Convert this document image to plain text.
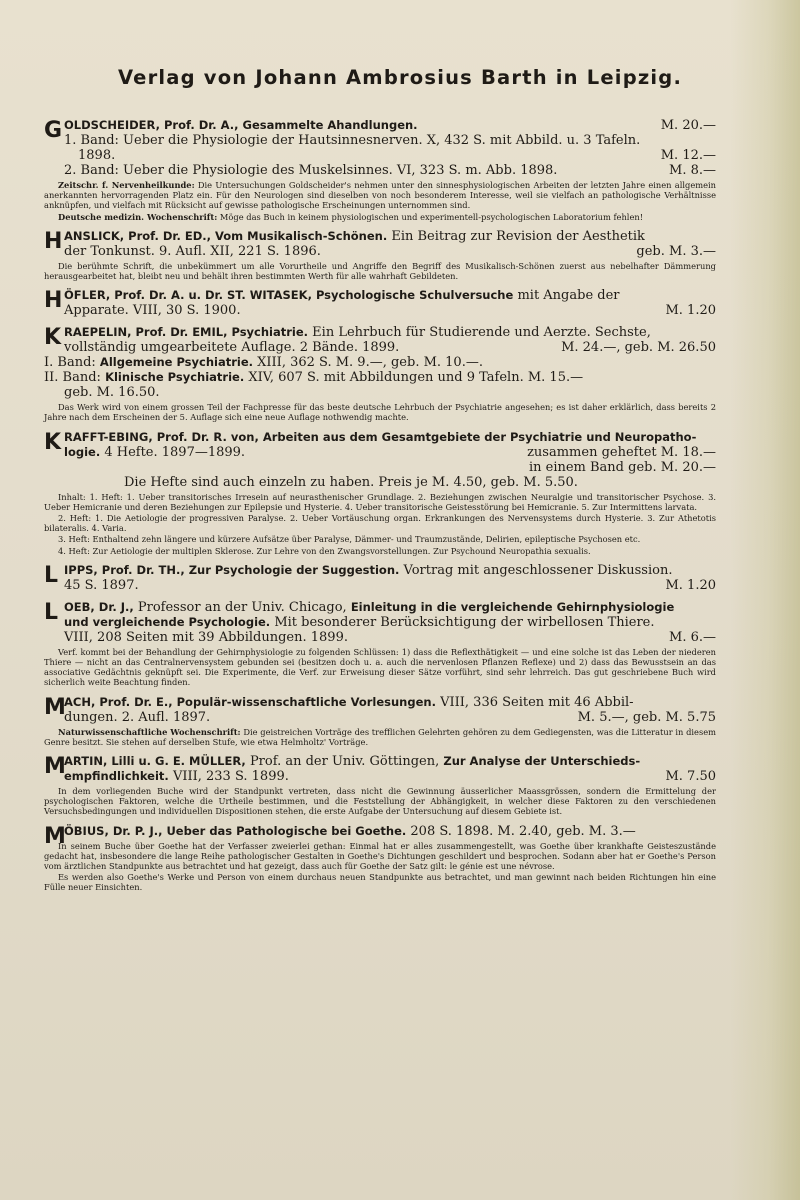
Verlag von Johann Ambrosius Barth in Leipzig.
G OLDSCHEIDER, Prof. Dr. A., Gesammelte Ahandlungen.	M. 20.—
1. Band: Ueber die Physiologie der Hautsinnesnerven. X, 432 S. mit Abbild. u. 3 Tafeln.
1898.	M. 12.—
2. Band: Ueber die Physiologie des Muskelsinnes. VI, 323 S. m. Abb. 1898.	M. 8.—

Zeitschr. f. Nervenheilkunde: Die Untersuchungen Goldscheider's nehmen unter den sinnesphysiologischen Arbeiten der letzten Jahre einen allgemein anerkannten hervorragenden Platz ein. Für den Neurologen sind dieselben von noch besonderem Interesse, weil sie vielfach an pathologische Verhältnisse anknüpfen, und vielfach mit Rücksicht auf gewisse pathologische Erscheinungen unternommen sind.

Deutsche medizin. Wochenschrift: Möge das Buch in keinem physiologischen und experimentell-psychologischen Laboratorium fehlen!

H ANSLICK, Prof. Dr. ED., Vom Musikalisch-Schönen. Ein Beitrag zur Revision der Aesthetik
der Tonkunst. 9. Aufl. XII, 221 S. 1896.	geb. M. 3.—

Die berühmte Schrift, die unbekümmert um alle Vorurtheile und Angriffe den Begriff des Musikalisch-Schönen zuerst aus nebelhafter Dämmerung herausgearbeitet hat, bleibt neu und behält ihren bestimmten Werth für alle wahrhaft Gebildeten.

H ÖFLER, Prof. Dr. A. u. Dr. ST. WITASEK, Psychologische Schulversuche mit Angabe der
Apparate. VIII, 30 S. 1900.	M. 1.20
K RAEPELIN, Prof. Dr. EMIL, Psychiatrie. Ein Lehrbuch für Studierende und Aerzte. Sechste,
vollständig umgearbeitete Auflage. 2 Bände. 1899.	M. 24.—, geb. M. 26.50
I. Band: Allgemeine Psychiatrie. XIII, 362 S. M. 9.—, geb. M. 10.—.
II. Band: Klinische Psychiatrie. XIV, 607 S. mit Abbildungen und 9 Tafeln. M. 15.—
geb. M. 16.50.

Das Werk wird von einem grossen Teil der Fachpresse für das beste deutsche Lehrbuch der Psychiatrie angesehen; es ist daher erklärlich, dass bereits 2 Jahre nach dem Erscheinen der 5. Auflage sich eine neue Auflage nothwendig machte.

K RAFFT-EBING, Prof. Dr. R. von, Arbeiten aus dem Gesamtgebiete der Psychiatrie und Neuropatho-
logie. 4 Hefte. 1897—1899.	zusammen geheftet M. 18.—
in einem Band geb. M. 20.—
Die Hefte sind auch einzeln zu haben. Preis je M. 4.50, geb. M. 5.50.

Inhalt: 1. Heft: 1. Ueber transitorisches Irresein auf neurasthenischer Grundlage. 2. Beziehungen zwischen Neuralgie und transitorischer Psychose. 3. Ueber Hemicranie und deren Beziehungen zur Epilepsie und Hysterie. 4. Ueber transitorische Geistesstörung bei Hemicranie. 5. Zur Intermittens larvata.

2. Heft: 1. Die Aetiologie der progressiven Paralyse. 2. Ueber Vortäuschung organ. Erkrankungen des Nervensystems durch Hysterie. 3. Zur Athetotis bilateralis. 4. Varia.

3. Heft: Enthaltend zehn längere und kürzere Aufsätze über Paralyse, Dämmer- und Traumzustände, Delirien, epileptische Psychosen etc.

4. Heft: Zur Aetiologie der multiplen Sklerose. Zur Lehre von den Zwangsvorstellungen. Zur Psychound Neuropathia sexualis.

L IPPS, Prof. Dr. TH., Zur Psychologie der Suggestion. Vortrag mit angeschlossener Diskussion.
45 S. 1897.	M. 1.20
L OEB, Dr. J., Professor an der Univ. Chicago, Einleitung in die vergleichende Gehirnphysiologie
und vergleichende Psychologie. Mit besonderer Berücksichtigung der wirbellosen Thiere.
VIII, 208 Seiten mit 39 Abbildungen. 1899.	M. 6.—

Verf. kommt bei der Behandlung der Gehirnphysiologie zu folgenden Schlüssen: 1) dass die Reflexthätigkeit — und eine solche ist das Leben der niederen Thiere — nicht an das Centralnervensystem gebunden sei (besitzen doch u. a. auch die nervenlosen Pflanzen Reflexe) und 2) dass das Bewusstsein an das associative Gedächtnis geknüpft sei. Die Experimente, die Verf. zur Erweisung dieser Sätze vorführt, sind sehr lehrreich. Das gut geschriebene Buch wird sicherlich weite Beachtung finden.

M
ACH, Prof. Dr. E., Populär-wissenschaftliche Vorlesungen. VIII, 336 Seiten mit 46 Abbil-
dungen. 2. Aufl. 1897.	M. 5.—, geb. M. 5.75

Naturwissenschaftliche Wochenschrift: Die geistreichen Vorträge des trefflichen Gelehrten gehören zu dem Gediegensten, was die Litteratur in diesem Genre besitzt. Sie stehen auf derselben Stufe, wie etwa Helmholtz' Vorträge.

M
ARTIN, Lilli u. G. E. MÜLLER, Prof. an der Univ. Göttingen, Zur Analyse der Unterschieds-
empfindlichkeit. VIII, 233 S. 1899.	M. 7.50

In dem vorliegenden Buche wird der Standpunkt vertreten, dass nicht die Gewinnung äusserlicher Maassgrössen, sondern die Ermittelung der psychologischen Faktoren, welche die Urtheile bestimmen, und die Feststellung der Abhängigkeit, in welcher diese Faktoren zu den verschiedenen Versuchsbedingungen und individuellen Dispositionen stehen, die erste Aufgabe der Untersuchung auf diesem Gebiete ist.

M
ÖBIUS, Dr. P. J., Ueber das Pathologische bei Goethe. 208 S. 1898. M. 2.40, geb. M. 3.—

In seinem Buche über Goethe hat der Verfasser zweierlei gethan: Einmal hat er alles zusammengestellt, was Goethe über krankhafte Geisteszustände gedacht hat, insbesondere die lange Reihe pathologischer Gestalten in Goethe's Dichtungen geschildert und besprochen. Sodann aber hat er Goethe's Person vom ärztlichen Standpunkte aus betrachtet und hat gezeigt, dass auch für Goethe der Satz gilt: le génie est une névrose.

Es werden also Goethe's Werke und Person von einem durchaus neuen Standpunkte aus betrachtet, und man gewinnt nach beiden Richtungen hin eine Fülle neuer Einsichten.
